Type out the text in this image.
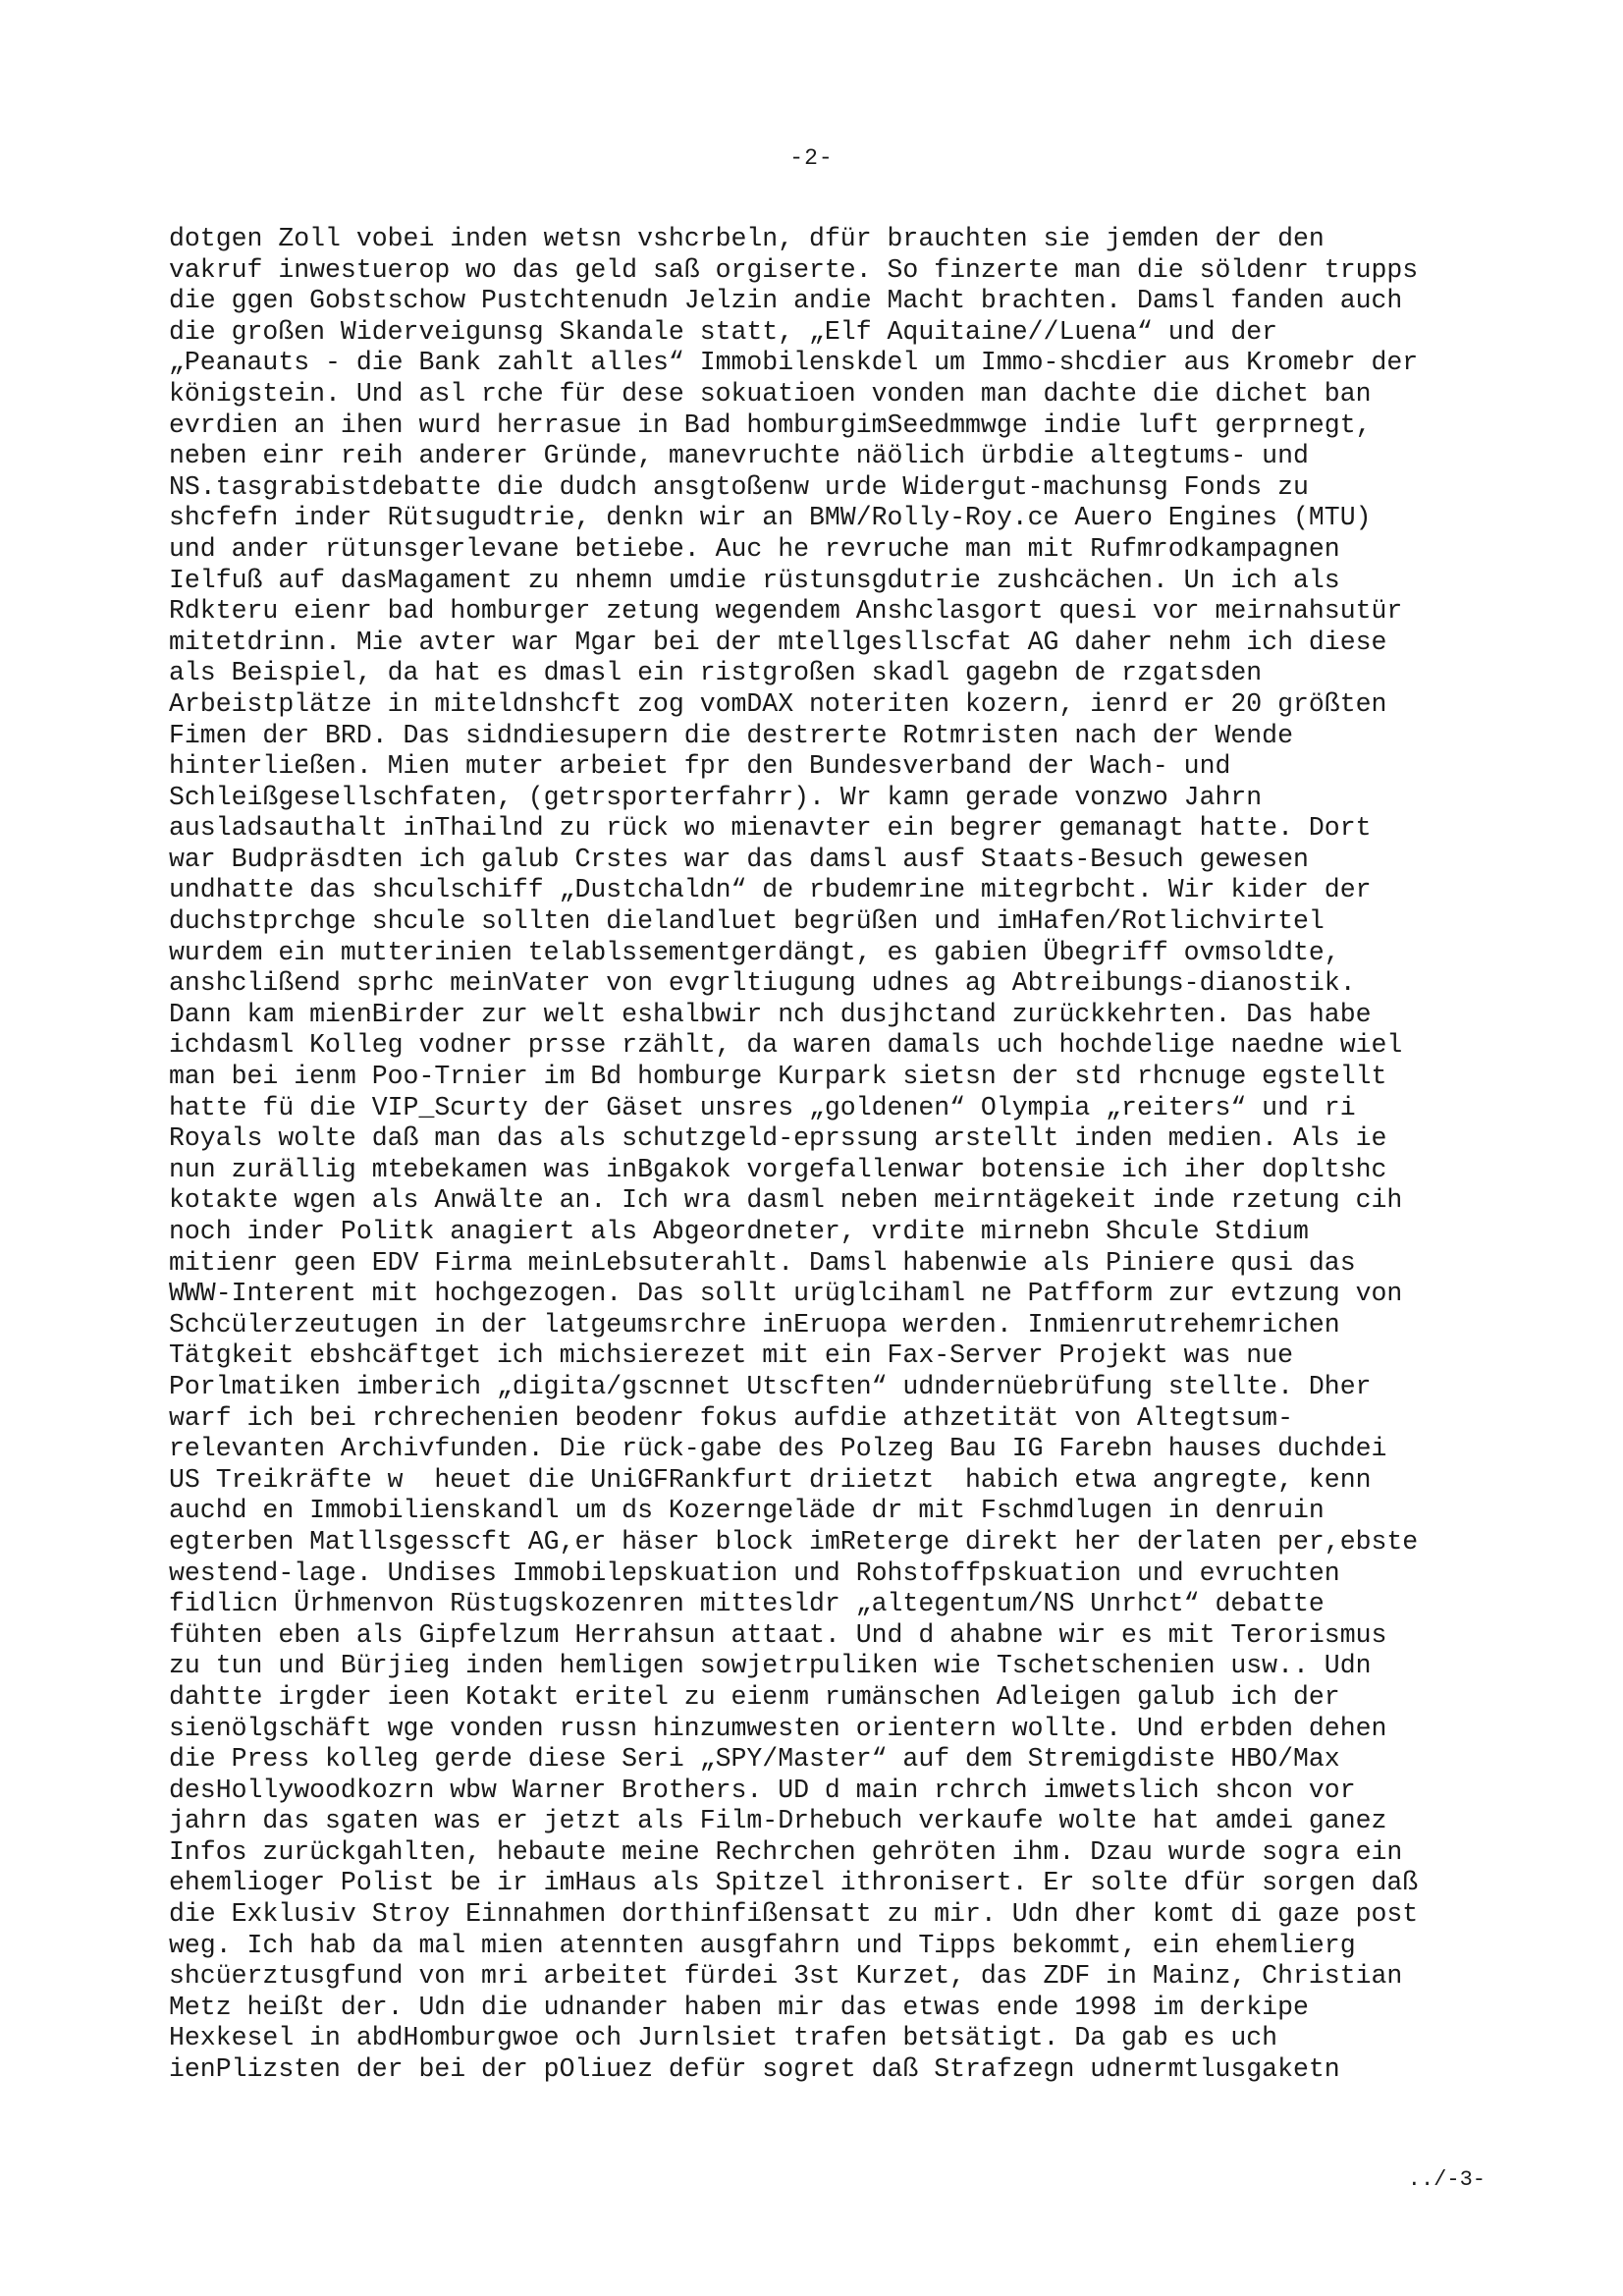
-2-
dotgen Zoll vobei inden wetsn vshcrbeln, dfür brauchten sie jemden der den
vakruf inwestuerop wo das geld saß orgiserte. So finzerte man die söldenr trupps
die ggen Gobstschow Pustchtenudn Jelzin andie Macht brachten. Damsl fanden auch
die großen Widerveigunsg Skandale statt, „Elf Aquitaine//Luena“ und der
„Peanauts - die Bank zahlt alles“ Immobilenskdel um Immo-shcdier aus Kromebr der
königstein. Und asl rche für dese sokuatioen vonden man dachte die dichet ban
evrdien an ihen wurd herrasue in Bad homburgimSeedmmwge indie luft gerprnegt,
neben einr reih anderer Gründe, manevruchte näölich ürbdie altegtums- und
NS.tasgrabistdebatte die dudch ansgtoßenw urde Widergut-machunsg Fonds zu
shcfefn inder Rütsugudtrie, denkn wir an BMW/Rolly-Roy.ce Auero Engines (MTU)
und ander rütunsgerlevane betiebe. Auc he revruche man mit Rufmrodkampagnen
Ielfuß auf dasMagament zu nhemn umdie rüstunsgdutrie zushcächen. Un ich als
Rdkteru eienr bad homburger zetung wegendem Anshclasgort quesi vor meirnahsutür
mitetdrinn. Mie avter war Mgar bei der mtellgesllscfat AG daher nehm ich diese
als Beispiel, da hat es dmasl ein ristgroßen skadl gagebn de rzgatsden
Arbeistplätze in miteldnshcft zog vomDAX noteriten kozern, ienrd er 20 größten
Fimen der BRD. Das sidndiesupern die destrerte Rotmristen nach der Wende
hinterließen. Mien muter arbeiet fpr den Bundesverband der Wach- und
Schleißgesellschfaten, (getrsporterfahrr). Wr kamn gerade vonzwo Jahrn
ausladsauthalt inThailnd zu rück wo mienavter ein begrer gemanagt hatte. Dort
war Budpräsdten ich galub Crstes war das damsl ausf Staats-Besuch gewesen
undhatte das shculschiff „Dustchaldn“ de rbudemrine mitegrbcht. Wir kider der
duchstprchge shcule sollten dielandluet begrüßen und imHafen/Rotlichvirtel
wurdem ein mutterinien telablssementgerdängt, es gabien Übegriff ovmsoldte,
anshclißend sprhc meinVater von evgrltiugung udnes ag Abtreibungs-dianostik.
Dann kam mienBirder zur welt eshalbwir nch dusjhctand zurückkehrten. Das habe
ichdasml Kolleg vodner prsse rzählt, da waren damals uch hochdelige naedne wiel
man bei ienm Poo-Trnier im Bd homburge Kurpark sietsn der std rhcnuge egstellt
hatte fü die VIP_Scurty der Gäset unsres „goldenen“ Olympia „reiters“ und ri
Royals wolte daß man das als schutzgeld-eprssung arstellt inden medien. Als ie
nun zurällig mtebekamen was inBgakok vorgefallenwar botensie ich iher dopltshc
kotakte wgen als Anwälte an. Ich wra dasml neben meirntägekeit inde rzetung cih
noch inder Politk anagiert als Abgeordneter, vrdite mirnebn Shcule Stdium
mitienr geen EDV Firma meinLebsuterahlt. Damsl habenwie als Piniere qusi das
WWW-Interent mit hochgezogen. Das sollt urüglcihaml ne Patfform zur evtzung von
Schcülerzeutugen in der latgeumsrchre inEruopa werden. Inmienrutrehemrichen
Tätgkeit ebshcäftget ich michsierezet mit ein Fax-Server Projekt was nue
Porlmatiken imberich „digita/gscnnet Utscften“ udndernüebrüfung stellte. Dher
warf ich bei rchrechenien beodenr fokus aufdie athzetität von Altegtsum-
relevanten Archivfunden. Die rück-gabe des Polzeg Bau IG Farebn hauses duchdei
US Treikräfte w  heuet die UniGFRankfurt driietzt  habich etwa angregte, kenn
auchd en Immobilienskandl um ds Kozerngeläde dr mit Fschmdlugen in denruin
egterben Matllsgesscft AG,er häser block imReterge direkt her derlaten per,ebste
westend-lage. Undises Immobilepskuation und Rohstoffpskuation und evruchten
fidlicn Ürhmenvon Rüstugskozenren mittesldr „altegentum/NS Unrhct“ debatte
fühten eben als Gipfelzum Herrahsun attaat. Und d ahabne wir es mit Terorismus
zu tun und Bürjieg inden hemligen sowjetrpuliken wie Tschetschenien usw.. Udn
dahtte irgder ieen Kotakt eritel zu eienm rumänschen Adleigen galub ich der
sienölgschäft wge vonden russn hinzumwesten orientern wollte. Und erbden dehen
die Press kolleg gerde diese Seri „SPY/Master“ auf dem Stremigdiste HBO/Max
desHollywoodkozrn wbw Warner Brothers. UD d main rchrch imwetslich shcon vor
jahrn das sgaten was er jetzt als Film-Drhebuch verkaufe wolte hat amdei ganez
Infos zurückgahlten, hebaute meine Rechrchen gehröten ihm. Dzau wurde sogra ein
ehemlioger Polist be ir imHaus als Spitzel ithronisert. Er solte dfür sorgen daß
die Exklusiv Stroy Einnahmen dorthinfißensatt zu mir. Udn dher komt di gaze post
weg. Ich hab da mal mien atennten ausgfahrn und Tipps bekommt, ein ehemlierg
shcüerztusgfund von mri arbeitet fürdei 3st Kurzet, das ZDF in Mainz, Christian
Metz heißt der. Udn die udnander haben mir das etwas ende 1998 im derkipe
Hexkesel in abdHomburgwoe och Jurnlsiet trafen betsätigt. Da gab es uch
ienPlizsten der bei der pOliuez defür sogret daß Strafzegn udnermtlusgaketn
../-3-
